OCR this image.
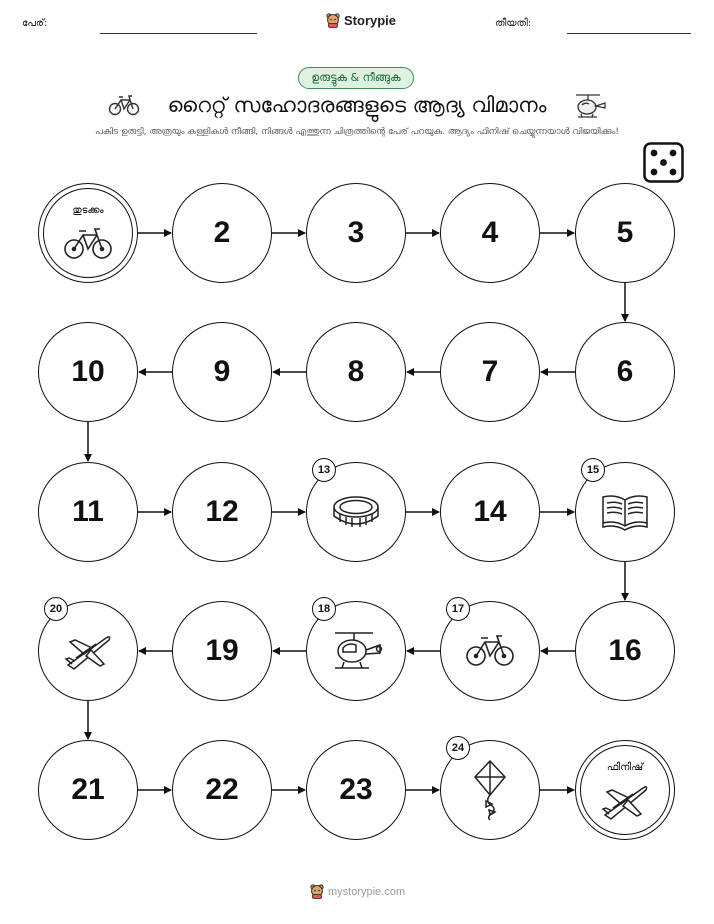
പേര്:	Storypie	തീയതി:
ഉരുട്ടുക & നീങ്ങുക
റൈറ്റ് സഹോദരങ്ങളുടെ ആദ്യ വിമാനം
പകിട ഉരുട്ടി, അത്രയും കള്ളികൾ നീങ്ങി, നിങ്ങൾ എത്തുന്ന ചിത്രത്തിന്റെ പേര് പറയുക. ആദ്യം ഫിനിഷ് ചെയ്യുന്നയാൾ വിജയിക്കും!
തുടക്കം
2	3	4	5
6
7
8
9
10
11	12
13
14
15
16
17
18
19
20
21	22	23
24
ഫിനിഷ്
mystorypie.com
